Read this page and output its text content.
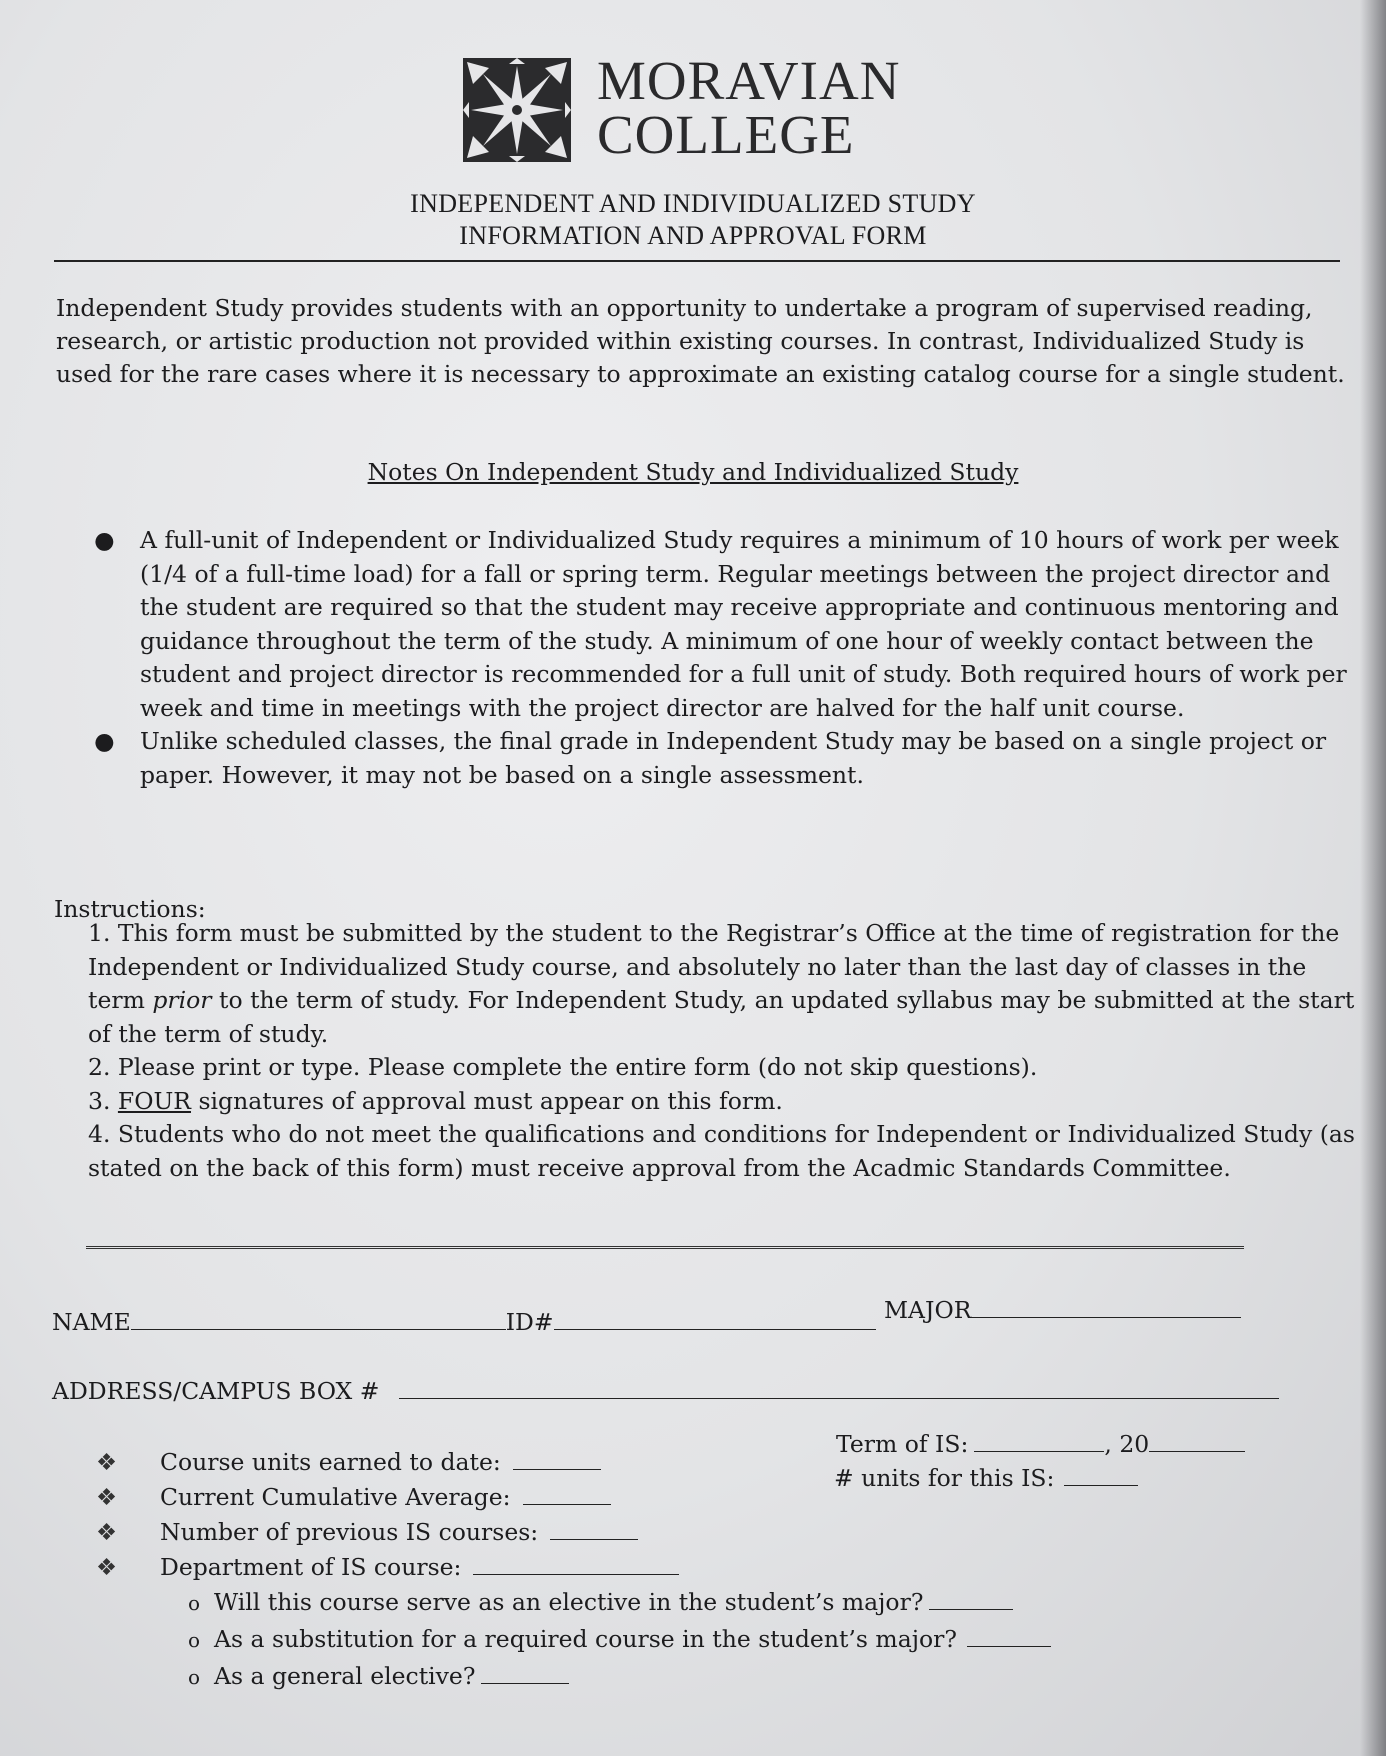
MORAVIAN
COLLEGE
INDEPENDENT AND INDIVIDUALIZED STUDY
INFORMATION AND APPROVAL FORM
Independent Study provides students with an opportunity to undertake a program of supervised reading, research, or artistic production not provided within existing courses. In contrast, Individualized Study is used for the rare cases where it is necessary to approximate an existing catalog course for a single student.
Notes On Independent Study and Individualized Study
● A full-unit of Independent or Individualized Study requires a minimum of 10 hours of work per week (1/4 of a full-time load) for a fall or spring term. Regular meetings between the project director and the student are required so that the student may receive appropriate and continuous mentoring and guidance throughout the term of the study. A minimum of one hour of weekly contact between the student and project director is recommended for a full unit of study. Both required hours of work per week and time in meetings with the project director are halved for the half unit course.
● Unlike scheduled classes, the final grade in Independent Study may be based on a single project or paper. However, it may not be based on a single assessment.
Instructions:

1. This form must be submitted by the student to the Registrar’s Office at the time of registration for the Independent or Individualized Study course, and absolutely no later than the last day of classes in the term prior to the term of study. For Independent Study, an updated syllabus may be submitted at the start of the term of study.

2. Please print or type. Please complete the entire form (do not skip questions).

3. FOUR signatures of approval must appear on this form.

4. Students who do not meet the qualifications and conditions for Independent or Individualized Study (as stated on the back of this form) must receive approval from the Acadmic Standards Committee.

NAME	ID#	MAJOR
ADDRESS/CAMPUS BOX #
Term of IS:	, 20
# units for this IS:
❖ Course units earned to date:
❖ Current Cumulative Average:
❖ Number of previous IS courses:
❖ Department of IS course:
o Will this course serve as an elective in the student’s major?
o As a substitution for a required course in the student’s major?
o As a general elective?
